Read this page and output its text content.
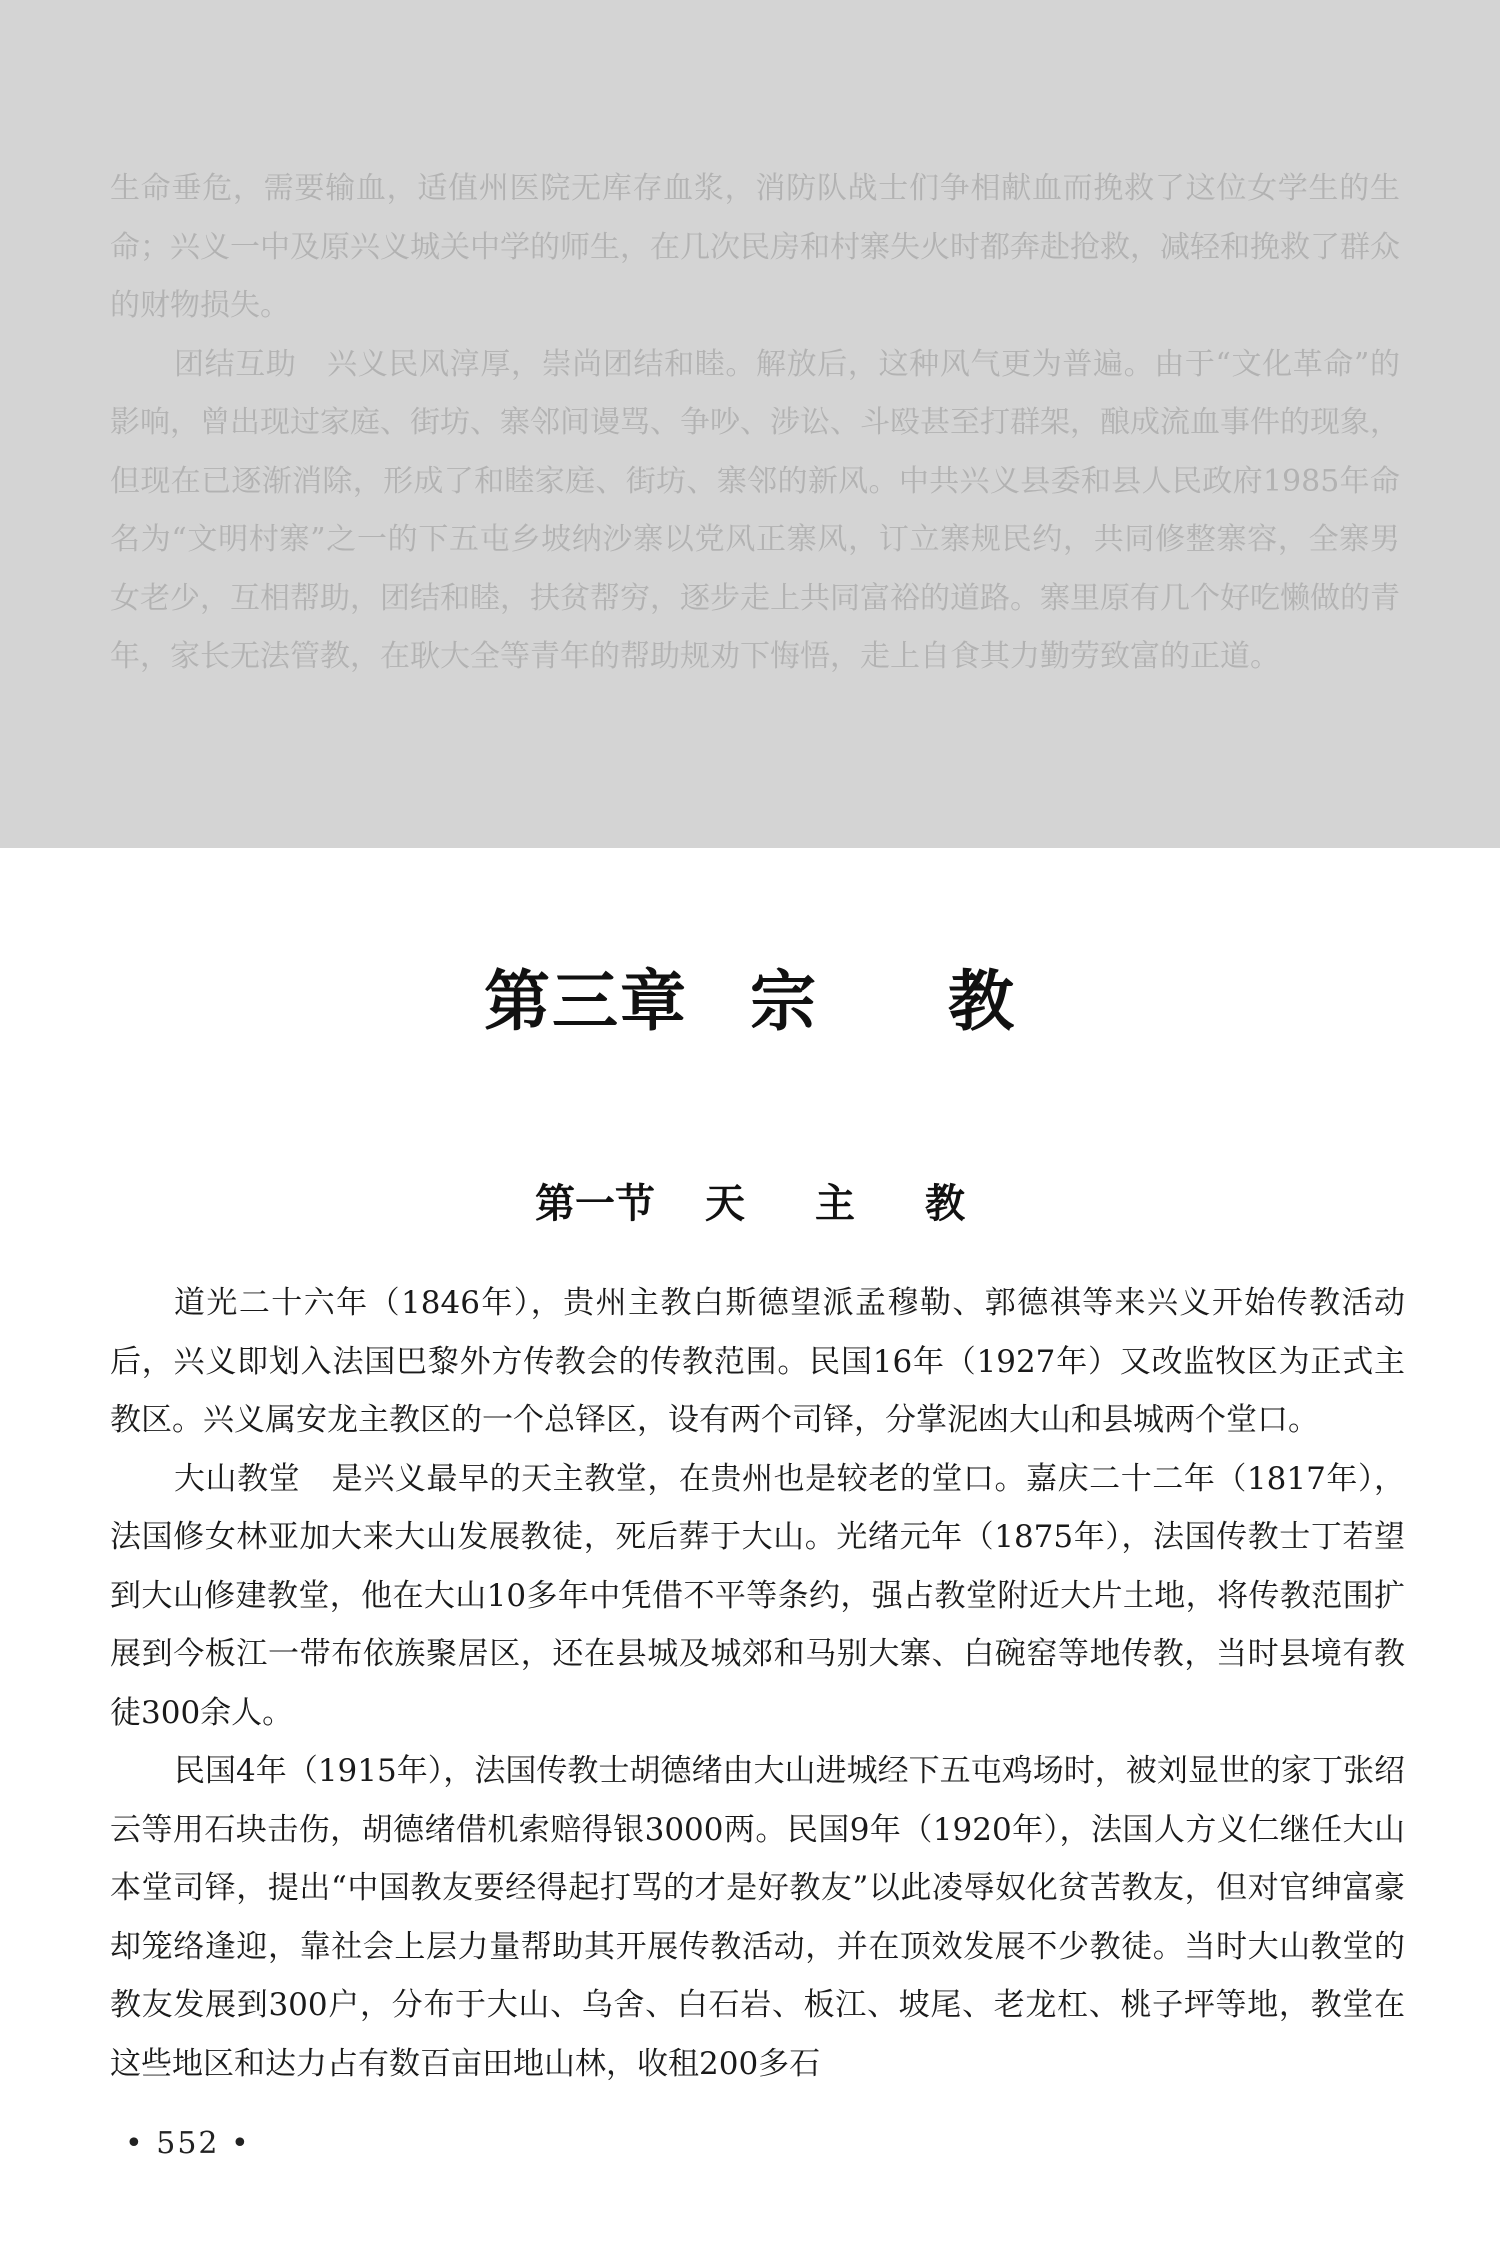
生命垂危，需要输血，适值州医院无库存血浆，消防队战士们争相献血而挽救了这位女学生的生命；兴义一中及原兴义城关中学的师生，在几次民房和村寨失火时都奔赴抢救，减轻和挽救了群众的财物损失。

团结互助　兴义民风淳厚，崇尚团结和睦。解放后，这种风气更为普遍。由于“文化革命”的影响，曾出现过家庭、街坊、寨邻间谩骂、争吵、涉讼、斗殴甚至打群架，酿成流血事件的现象，但现在已逐渐消除，形成了和睦家庭、街坊、寨邻的新风。中共兴义县委和县人民政府1985年命名为“文明村寨”之一的下五屯乡坡纳沙寨以党风正寨风，订立寨规民约，共同修整寨容，全寨男女老少，互相帮助，团结和睦，扶贫帮穷，逐步走上共同富裕的道路。寨里原有几个好吃懒做的青年，家长无法管教，在耿大全等青年的帮助规劝下悔悟，走上自食其力勤劳致富的正道。

第三章 宗 教
第一节 天 主 教

道光二十六年（1846年），贵州主教白斯德望派孟穆勒、郭德祺等来兴义开始传教活动后，兴义即划入法国巴黎外方传教会的传教范围。民国16年（1927年）又改监牧区为正式主教区。兴义属安龙主教区的一个总铎区，设有两个司铎，分掌泥凼大山和县城两个堂口。

大山教堂　是兴义最早的天主教堂，在贵州也是较老的堂口。嘉庆二十二年（1817年），法国修女林亚加大来大山发展教徒，死后葬于大山。光绪元年（1875年），法国传教士丁若望到大山修建教堂，他在大山10多年中凭借不平等条约，强占教堂附近大片土地，将传教范围扩展到今板江一带布依族聚居区，还在县城及城郊和马别大寨、白碗窑等地传教，当时县境有教徒300余人。

民国4年（1915年），法国传教士胡德绪由大山进城经下五屯鸡场时，被刘显世的家丁张绍云等用石块击伤，胡德绪借机索赔得银3000两。民国9年（1920年），法国人方义仁继任大山本堂司铎，提出“中国教友要经得起打骂的才是好教友”以此凌辱奴化贫苦教友，但对官绅富豪却笼络逢迎，靠社会上层力量帮助其开展传教活动，并在顶效发展不少教徒。当时大山教堂的教友发展到300户，分布于大山、乌舍、白石岩、板江、坡尾、老龙杠、桃子坪等地，教堂在这些地区和达力占有数百亩田地山林，收租200多石

• 552 •
